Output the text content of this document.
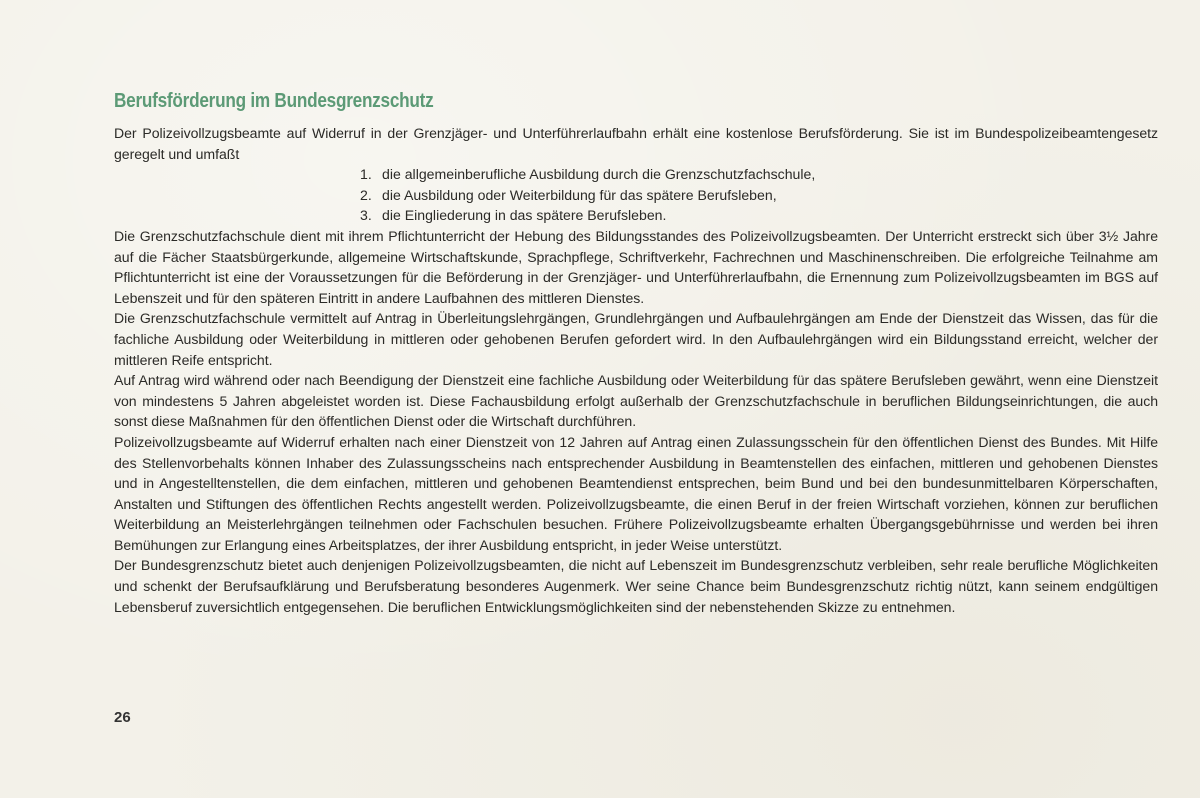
Berufsförderung im Bundesgrenzschutz

Der Polizeivollzugsbeamte auf Widerruf in der Grenzjäger- und Unterführerlaufbahn erhält eine kostenlose Berufsförderung. Sie ist im Bundespolizeibeamtengesetz geregelt und umfaßt

1. die allgemeinberufliche Ausbildung durch die Grenzschutzfachschule,
2. die Ausbildung oder Weiterbildung für das spätere Berufsleben,
3. die Eingliederung in das spätere Berufsleben.

Die Grenzschutzfachschule dient mit ihrem Pflichtunterricht der Hebung des Bildungsstandes des Polizeivollzugsbeamten. Der Unterricht erstreckt sich über 3½ Jahre auf die Fächer Staatsbürgerkunde, allgemeine Wirtschaftskunde, Sprachpflege, Schriftverkehr, Fachrechnen und Maschinenschreiben. Die erfolgreiche Teilnahme am Pflichtunterricht ist eine der Voraussetzungen für die Beförderung in der Grenzjäger- und Unterführerlaufbahn, die Ernennung zum Polizeivollzugsbeamten im BGS auf Lebenszeit und für den späteren Eintritt in andere Laufbahnen des mittleren Dienstes.

Die Grenzschutzfachschule vermittelt auf Antrag in Überleitungslehrgängen, Grundlehrgängen und Aufbaulehrgängen am Ende der Dienstzeit das Wissen, das für die fachliche Ausbildung oder Weiterbildung in mittleren oder gehobenen Berufen gefordert wird. In den Aufbaulehrgängen wird ein Bildungsstand erreicht, welcher der mittleren Reife entspricht.

Auf Antrag wird während oder nach Beendigung der Dienstzeit eine fachliche Ausbildung oder Weiterbildung für das spätere Berufsleben gewährt, wenn eine Dienstzeit von mindestens 5 Jahren abgeleistet worden ist. Diese Fachausbildung erfolgt außerhalb der Grenzschutzfachschule in beruflichen Bildungseinrichtungen, die auch sonst diese Maßnahmen für den öffentlichen Dienst oder die Wirtschaft durchführen.

Polizeivollzugsbeamte auf Widerruf erhalten nach einer Dienstzeit von 12 Jahren auf Antrag einen Zulassungsschein für den öffentlichen Dienst des Bundes. Mit Hilfe des Stellenvorbehalts können Inhaber des Zulassungsscheins nach entsprechender Ausbildung in Beamtenstellen des einfachen, mittleren und gehobenen Dienstes und in Angestelltenstellen, die dem einfachen, mittleren und gehobenen Beamtendienst entsprechen, beim Bund und bei den bundesunmittelbaren Körperschaften, Anstalten und Stiftungen des öffentlichen Rechts angestellt werden. Polizeivollzugsbeamte, die einen Beruf in der freien Wirtschaft vorziehen, können zur beruflichen Weiterbildung an Meisterlehrgängen teilnehmen oder Fachschulen besuchen. Frühere Polizeivollzugsbeamte erhalten Übergangsgebührnisse und werden bei ihren Bemühungen zur Erlangung eines Arbeitsplatzes, der ihrer Ausbildung entspricht, in jeder Weise unterstützt.

Der Bundesgrenzschutz bietet auch denjenigen Polizeivollzugsbeamten, die nicht auf Lebenszeit im Bundesgrenzschutz verbleiben, sehr reale berufliche Möglichkeiten und schenkt der Berufsaufklärung und Berufsberatung besonderes Augenmerk. Wer seine Chance beim Bundesgrenzschutz richtig nützt, kann seinem endgültigen Lebensberuf zuversichtlich entgegensehen. Die beruflichen Entwicklungsmöglichkeiten sind der nebenstehenden Skizze zu entnehmen.

26
